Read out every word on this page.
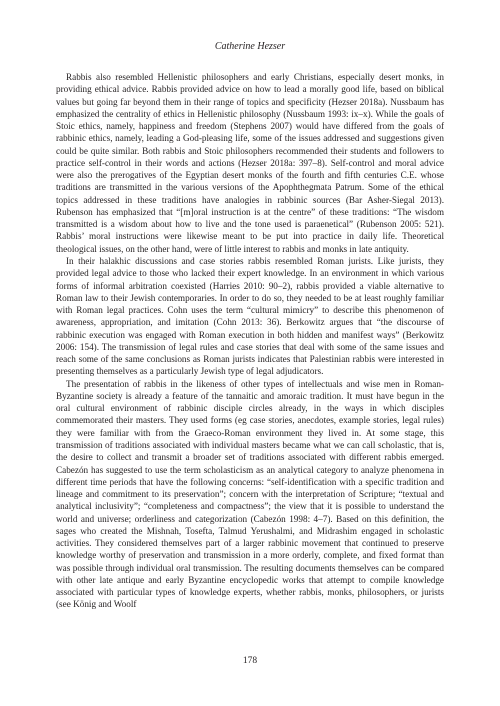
Catherine Hezser

Rabbis also resembled Hellenistic philosophers and early Christians, especially desert monks, in providing ethical advice. Rabbis provided advice on how to lead a morally good life, based on biblical values but going far beyond them in their range of topics and specificity (Hezser 2018a). Nussbaum has emphasized the centrality of ethics in Hellenistic philosophy (Nussbaum 1993: ix–x). While the goals of Stoic ethics, namely, happiness and freedom (Stephens 2007) would have differed from the goals of rabbinic ethics, namely, leading a God-pleasing life, some of the issues addressed and suggestions given could be quite similar. Both rabbis and Stoic philosophers recommended their students and followers to practice self-control in their words and actions (Hezser 2018a: 397–8). Self-control and moral advice were also the prerogatives of the Egyptian desert monks of the fourth and fifth centuries C.E. whose traditions are transmitted in the various versions of the Apophthegmata Patrum. Some of the ethical topics addressed in these traditions have analogies in rabbinic sources (Bar Asher-Siegal 2013). Rubenson has emphasized that “[m]oral instruction is at the centre” of these traditions: “The wisdom transmitted is a wisdom about how to live and the tone used is paraenetical” (Rubenson 2005: 521). Rabbis’ moral instructions were likewise meant to be put into practice in daily life. Theoretical theological issues, on the other hand, were of little interest to rabbis and monks in late antiquity.

In their halakhic discussions and case stories rabbis resembled Roman jurists. Like jurists, they provided legal advice to those who lacked their expert knowledge. In an environment in which various forms of informal arbitration coexisted (Harries 2010: 90–2), rabbis provided a viable alternative to Roman law to their Jewish contemporaries. In order to do so, they needed to be at least roughly familiar with Roman legal practices. Cohn uses the term “cultural mimicry” to describe this phenomenon of awareness, appropriation, and imitation (Cohn 2013: 36). Berkowitz argues that “the discourse of rabbinic execution was engaged with Roman execution in both hidden and manifest ways” (Berkowitz 2006: 154). The transmission of legal rules and case stories that deal with some of the same issues and reach some of the same conclusions as Roman jurists indicates that Palestinian rabbis were interested in presenting themselves as a particularly Jewish type of legal adjudicators.

The presentation of rabbis in the likeness of other types of intellectuals and wise men in Roman-Byzantine society is already a feature of the tannaitic and amoraic tradition. It must have begun in the oral cultural environment of rabbinic disciple circles already, in the ways in which disciples commemorated their masters. They used forms (eg case stories, anecdotes, example stories, legal rules) they were familiar with from the Graeco-Roman environment they lived in. At some stage, this transmission of traditions associated with individual masters became what we can call scholastic, that is, the desire to collect and transmit a broader set of traditions associated with different rabbis emerged. Cabezón has suggested to use the term scholasticism as an analytical category to analyze phenomena in different time periods that have the following concerns: “self-identification with a specific tradition and lineage and commitment to its preservation”; concern with the interpretation of Scripture; “textual and analytical inclusivity”; “completeness and compactness”; the view that it is possible to understand the world and universe; orderliness and categorization (Cabezón 1998: 4–7). Based on this definition, the sages who created the Mishnah, Tosefta, Talmud Yerushalmi, and Midrashim engaged in scholastic activities. They considered themselves part of a larger rabbinic movement that continued to preserve knowledge worthy of preservation and transmission in a more orderly, complete, and fixed format than was possible through individual oral transmission. The resulting documents themselves can be compared with other late antique and early Byzantine encyclopedic works that attempt to compile knowledge associated with particular types of knowledge experts, whether rabbis, monks, philosophers, or jurists (see König and Woolf

178
